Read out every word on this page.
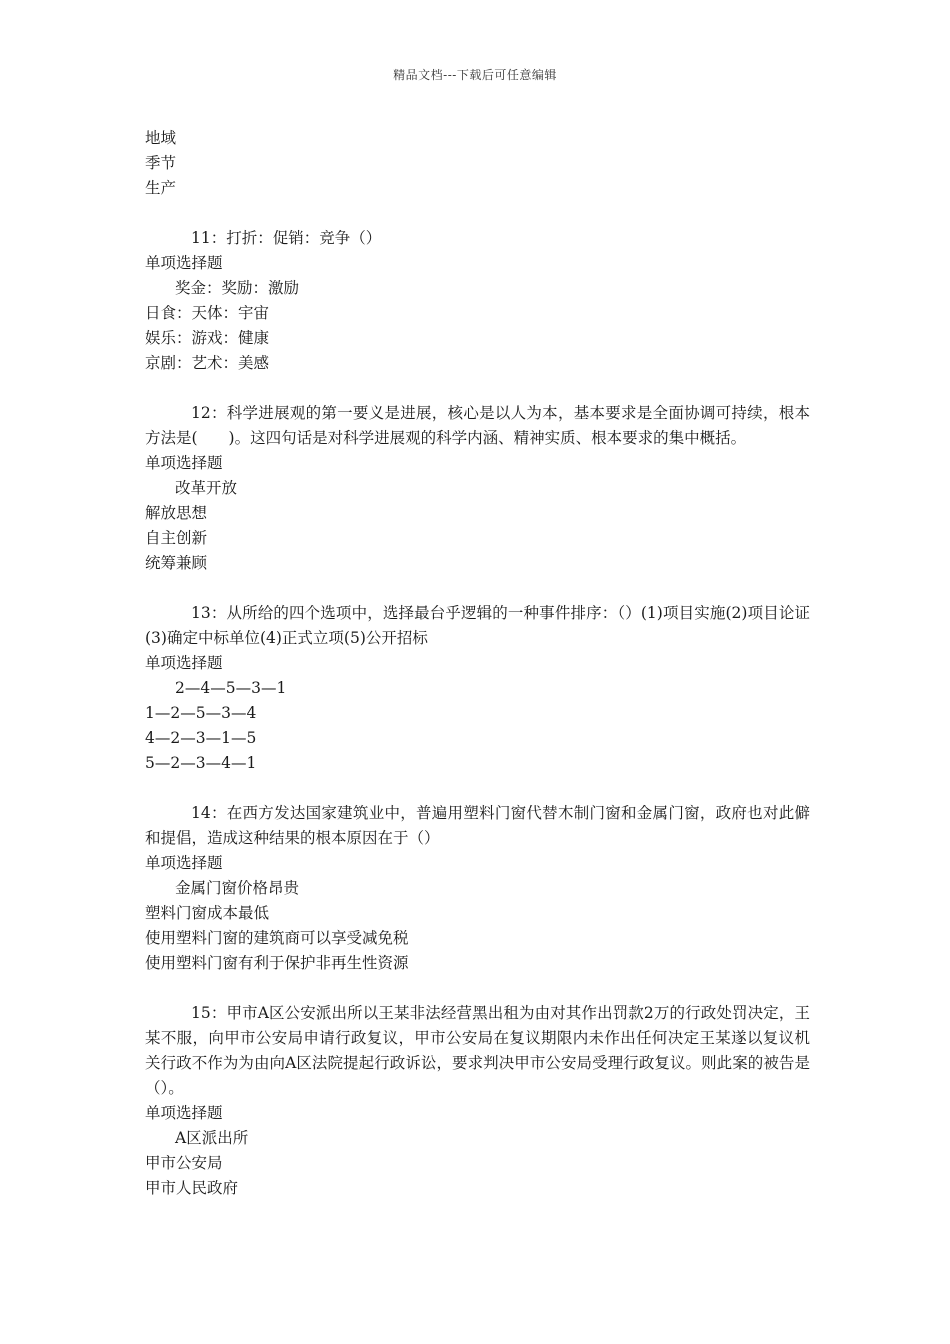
精品文档---下载后可任意编辑
地域
季节
生产

11：打折：促销：竞争（）

单项选择题
奖金：奖励：激励
日食：天体：宇宙
娱乐：游戏：健康
京剧：艺术：美感

12：科学进展观的第一要义是进展，核心是以人为本，基本要求是全面协调可持续，根本方法是(　　)。这四句话是对科学进展观的科学内涵、精神实质、根本要求的集中概括。

单项选择题
改革开放
解放思想
自主创新
统筹兼顾

13：从所给的四个选项中，选择最台乎逻辑的一种事件排序：（）(1)项目实施(2)项目论证(3)确定中标单位(4)正式立项(5)公开招标

单项选择题
2—4—5—3—1
1—2—5—3—4
4—2—3—1—5
5—2—3—4—1

14：在西方发达国家建筑业中，普遍用塑料门窗代替木制门窗和金属门窗，政府也对此僻和提倡，造成这种结果的根本原因在于（）

单项选择题
金属门窗价格昂贵
塑料门窗成本最低
使用塑料门窗的建筑商可以享受减免税
使用塑料门窗有利于保护非再生性资源

15：甲市A区公安派出所以王某非法经营黑出租为由对其作出罚款2万的行政处罚决定，王某不服，向甲市公安局申请行政复议，甲市公安局在复议期限内未作出任何决定王某遂以复议机关行政不作为为由向A区法院提起行政诉讼，要求判决甲市公安局受理行政复议。则此案的被告是（）。

单项选择题
A区派出所
甲市公安局
甲市人民政府
